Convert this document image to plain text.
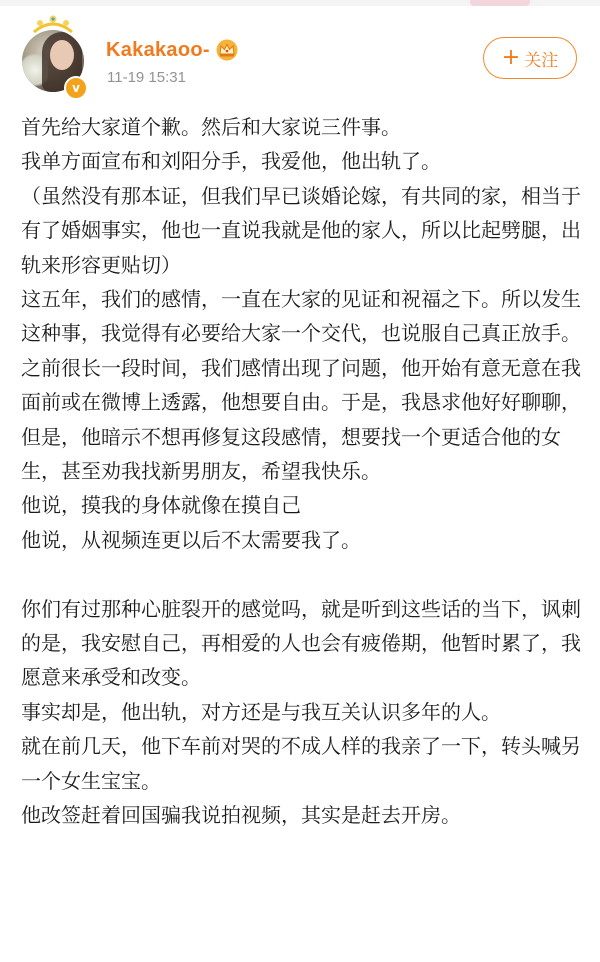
v
Kakakaoo-
11-19 15:31
+ 关注

首先给大家道个歉。然后和大家说三件事。

我单方面宣布和刘阳分手，我爱他，他出轨了。

（虽然没有那本证，但我们早已谈婚论嫁，有共同的家，相当于有了婚姻事实，他也一直说我就是他的家人，所以比起劈腿，出轨来形容更贴切）

这五年，我们的感情，一直在大家的见证和祝福之下。所以发生这种事，我觉得有必要给大家一个交代，也说服自己真正放手。

之前很长一段时间，我们感情出现了问题，他开始有意无意在我面前或在微博上透露，他想要自由。于是，我恳求他好好聊聊，但是，他暗示不想再修复这段感情，想要找一个更适合他的女生，甚至劝我找新男朋友，希望我快乐。

他说，摸我的身体就像在摸自己

他说，从视频连更以后不太需要我了。

你们有过那种心脏裂开的感觉吗，就是听到这些话的当下，讽刺的是，我安慰自己，再相爱的人也会有疲倦期，他暂时累了，我愿意来承受和改变。

事实却是，他出轨，对方还是与我互关认识多年的人。

就在前几天，他下车前对哭的不成人样的我亲了一下，转头喊另一个女生宝宝。

他改签赶着回国骗我说拍视频，其实是赶去开房。
